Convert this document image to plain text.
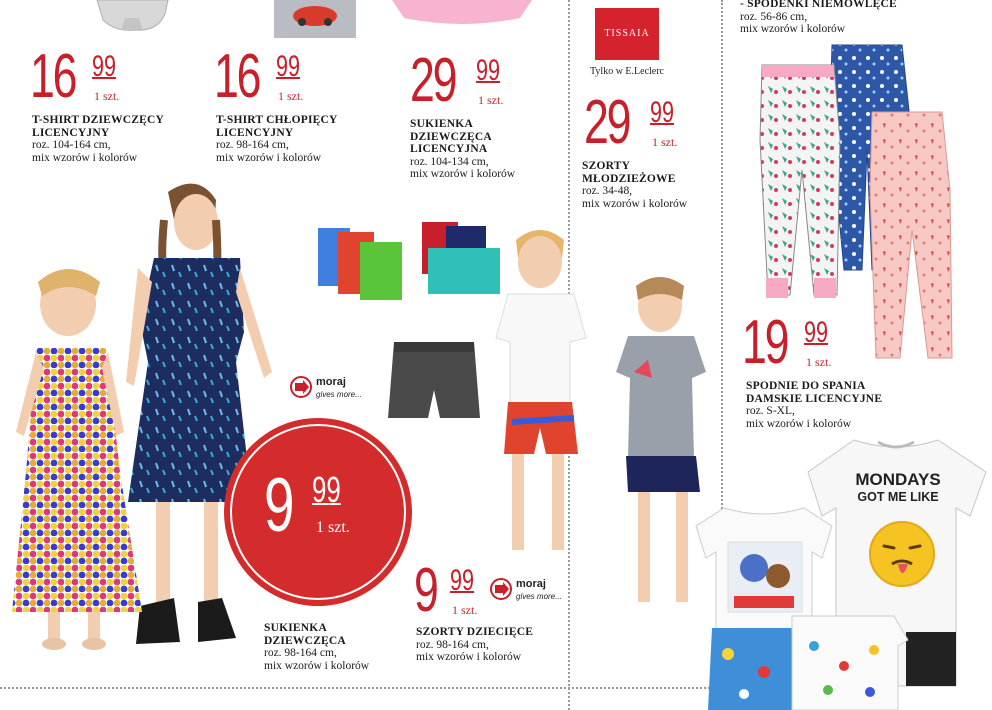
16 99
1 szt.
T-SHIRT DZIEWCZĘCY
LICENCYJNY
roz. 104-164 cm,
mix wzorów i kolorów
16 99
1 szt.
T-SHIRT CHŁOPIĘCY
LICENCYJNY
roz. 98-164 cm,
mix wzorów i kolorów
29 99
1 szt.
SUKIENKA
DZIEWCZĘCA
LICENCYJNA
roz. 104-134 cm,
mix wzorów i kolorów
TISSAIA
Tylko w E.Leclerc
29 99
1 szt.
SZORTY
MŁODZIEŻOWE
roz. 34-48,
mix wzorów i kolorów
- SPODENKI NIEMOWLĘCE
roz. 56-86 cm,
mix wzorów i kolorów
19 99
1 szt.
SPODNIE DO SPANIA
DAMSKIE LICENCYJNE
roz. S-XL,
mix wzorów i kolorów
MONDAYS
GOT ME LIKE
9 99
1 szt.
SUKIENKA
DZIEWCZĘCA
roz. 98-164 cm,
mix wzorów i kolorów
moraj
gives more...
9 99
1 szt.
moraj
gives more...
SZORTY DZIECIĘCE
roz. 98-164 cm,
mix wzorów i kolorów
